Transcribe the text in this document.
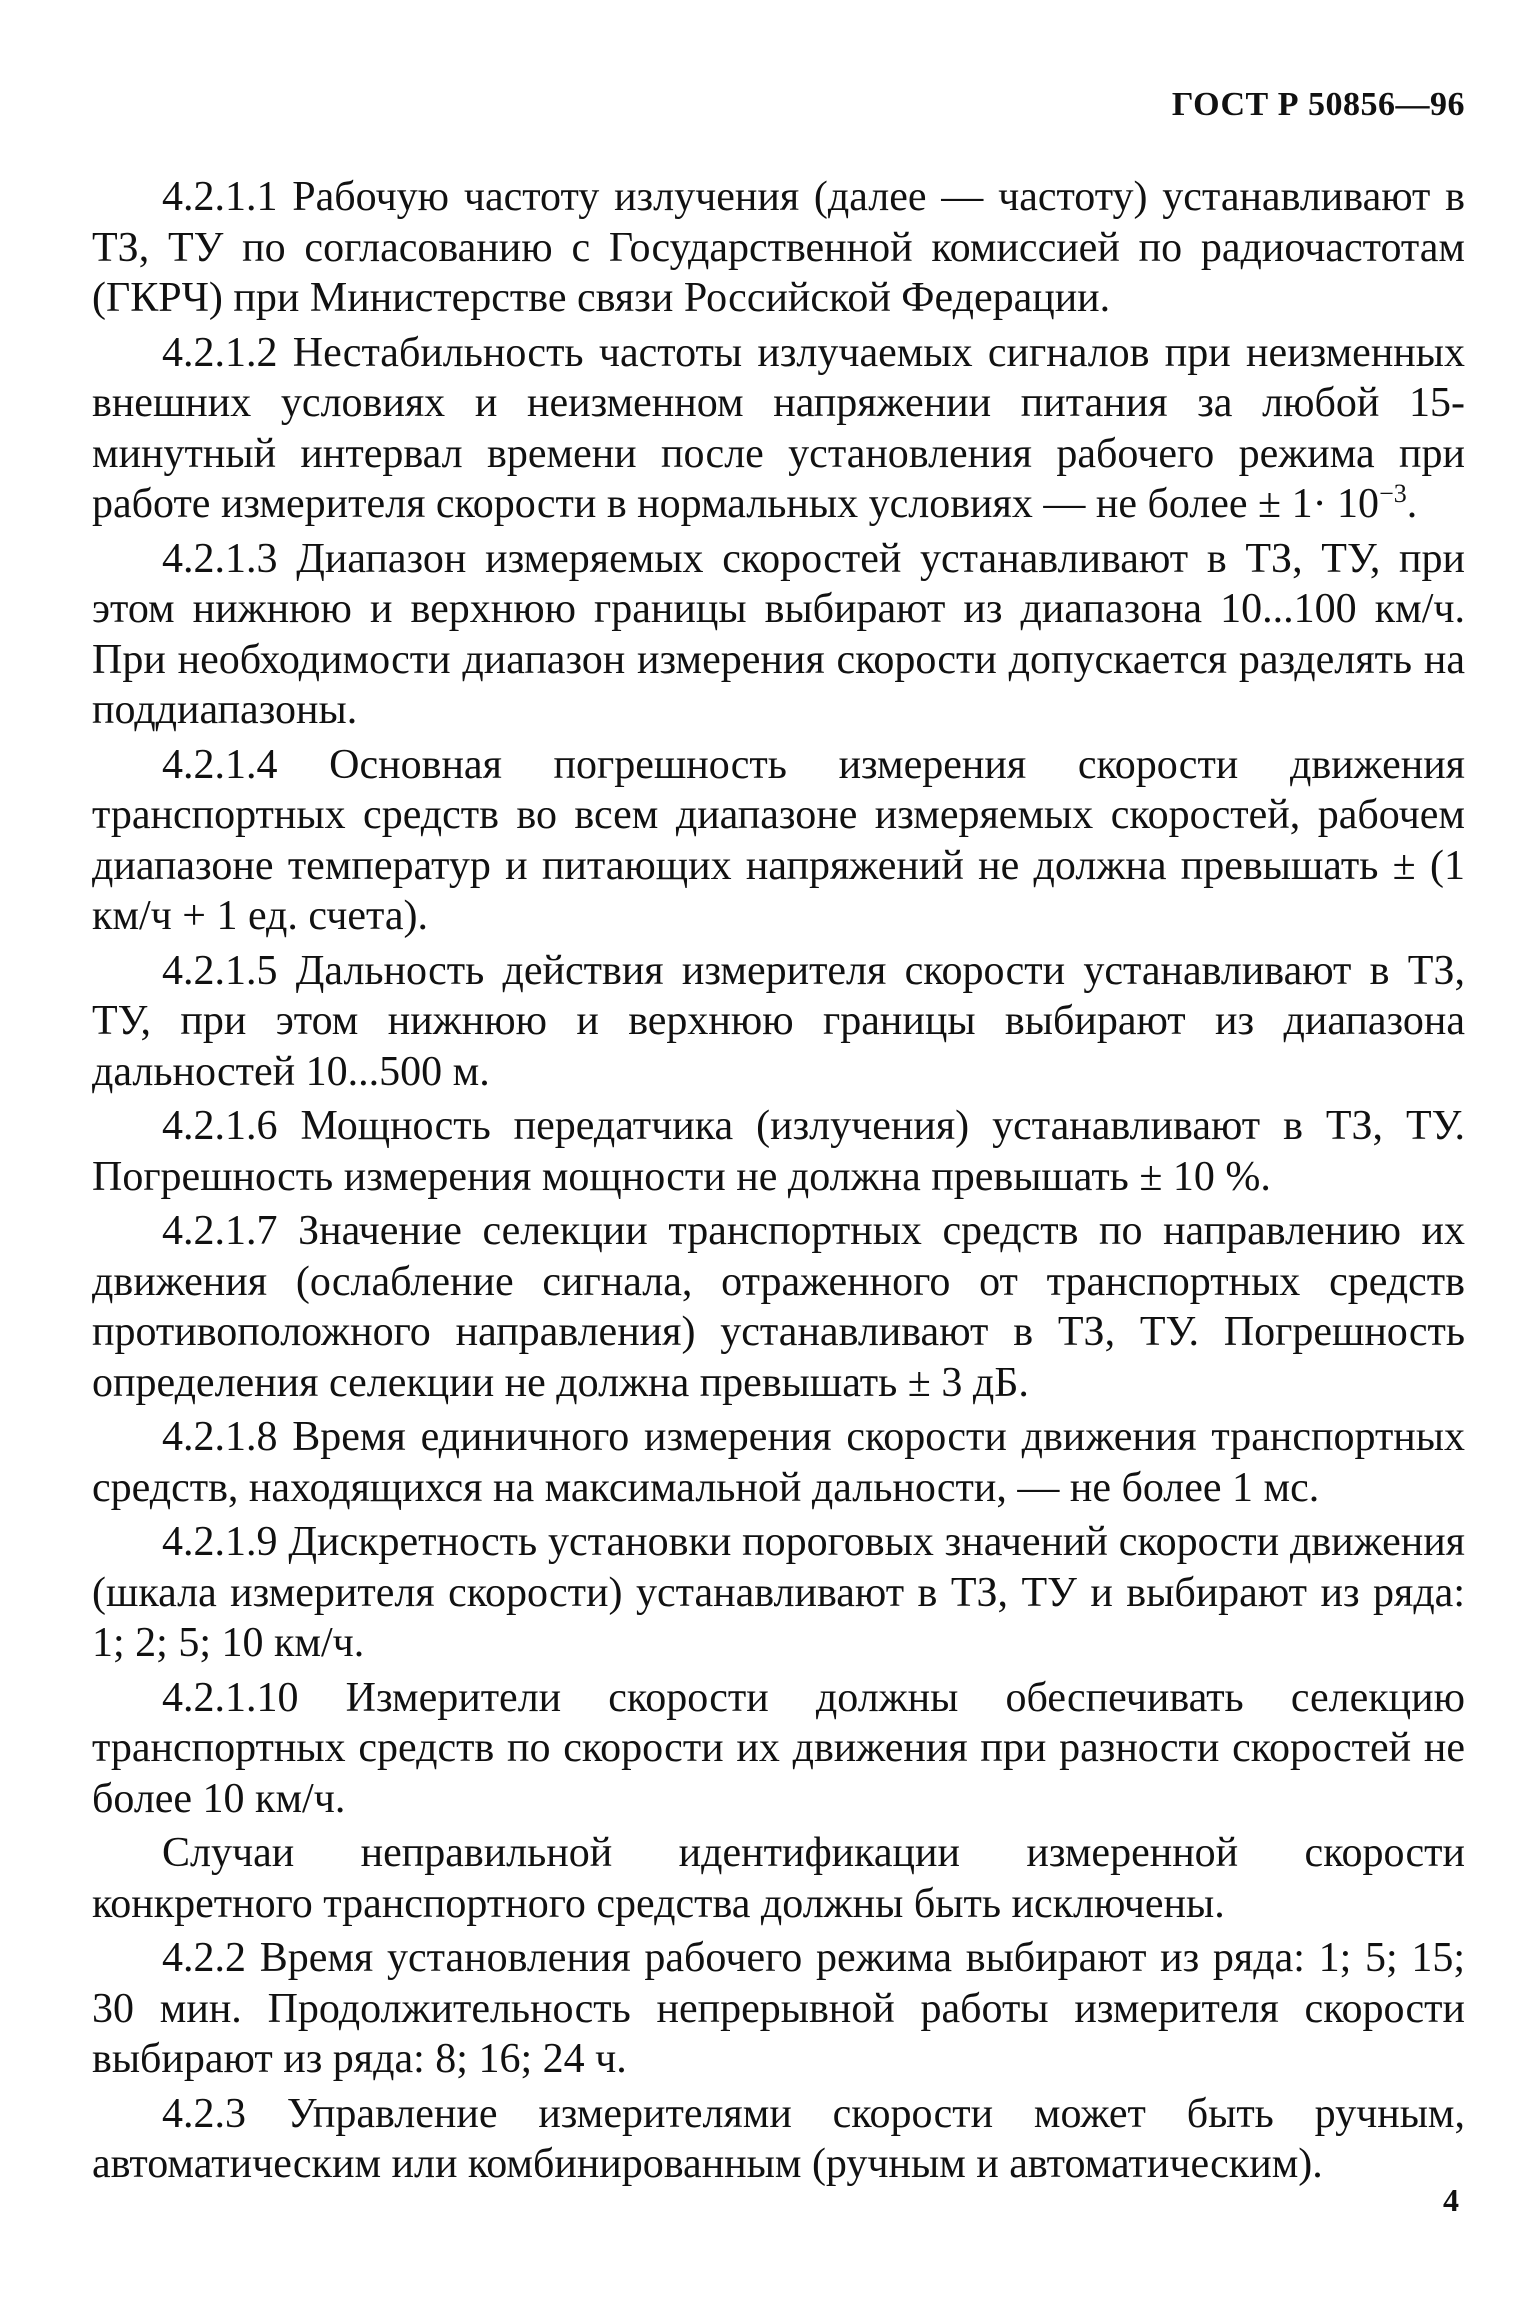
ГОСТ Р 50856—96

4.2.1.1 Рабочую частоту излучения (далее — частоту) устанавливают в ТЗ, ТУ по согласованию с Государственной комиссией по радиочастотам (ГКРЧ) при Министерстве связи Российской Федерации.

4.2.1.2 Нестабильность частоты излучаемых сигналов при неизменных внешних условиях и неизменном напряжении питания за любой 15-минутный интервал времени после установления рабочего режима при работе измерителя скорости в нормальных условиях — не более ± $1\cdot 10^{-3}$.

4.2.1.3 Диапазон измеряемых скоростей устанавливают в ТЗ, ТУ, при этом нижнюю и верхнюю границы выбирают из диапазона 10...100 км/ч. При необходимости диапазон измерения скорости допускается разделять на поддиапазоны.

4.2.1.4 Основная погрешность измерения скорости движения транспортных средств во всем диапазоне измеряемых скоростей, рабочем диапазоне температур и питающих напряжений не должна превышать ± (1 км/ч + 1 ед. счета).

4.2.1.5 Дальность действия измерителя скорости устанавливают в ТЗ, ТУ, при этом нижнюю и верхнюю границы выбирают из диапазона дальностей 10...500 м.

4.2.1.6 Мощность передатчика (излучения) устанавливают в ТЗ, ТУ. Погрешность измерения мощности не должна превышать ± 10 %.

4.2.1.7 Значение селекции транспортных средств по направлению их движения (ослабление сигнала, отраженного от транспортных средств противоположного направления) устанавливают в ТЗ, ТУ. Погрешность определения селекции не должна превышать ± 3 дБ.

4.2.1.8 Время единичного измерения скорости движения транспортных средств, находящихся на максимальной дальности, — не более 1 мс.

4.2.1.9 Дискретность установки пороговых значений скорости движения (шкала измерителя скорости) устанавливают в ТЗ, ТУ и выбирают из ряда: 1; 2; 5; 10 км/ч.

4.2.1.10 Измерители скорости должны обеспечивать селекцию транспортных средств по скорости их движения при разности скоростей не более 10 км/ч.

Случаи неправильной идентификации измеренной скорости конкретного транспортного средства должны быть исключены.

4.2.2 Время установления рабочего режима выбирают из ряда: 1; 5; 15; 30 мин. Продолжительность непрерывной работы измерителя скорости выбирают из ряда: 8; 16; 24 ч.

4.2.3 Управление измерителями скорости может быть ручным, автоматическим или комбинированным (ручным и автоматическим).

4
